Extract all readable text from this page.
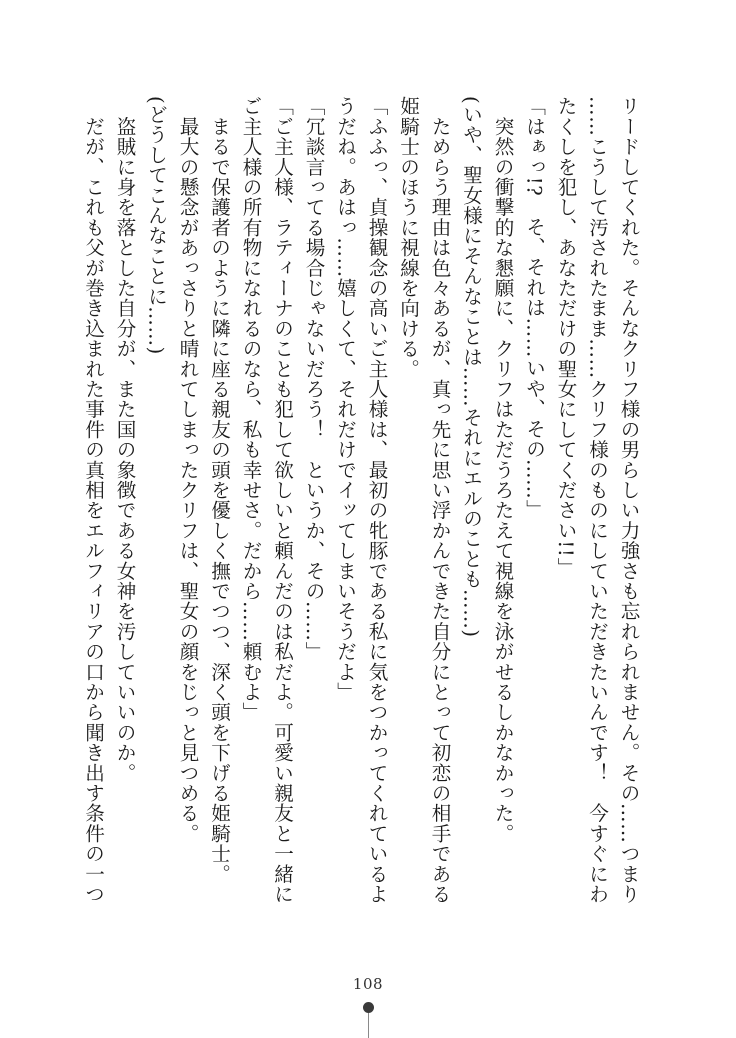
リードしてくれた。そんなクリフ様の男らしい力強さも忘れられません。その……つまり
……こうして汚されたまま……クリフ様のものにしていただきたいんです！　今すぐにわ
たくしを犯し、あなただけの聖女にしてください!!」
「はぁっ!?　そ、それは……いや、その……」
　突然の衝撃的な懇願に、クリフはただうろたえて視線を泳がせるしかなかった。
(いや、聖女様にそんなことは……それにエルのことも……)
　ためらう理由は色々あるが、真っ先に思い浮かんできた自分にとって初恋の相手である
姫騎士のほうに視線を向ける。
「ふふっ、貞操観念の高いご主人様は、最初の牝豚である私に気をつかってくれているよ
うだね。あはっ……嬉しくて、それだけでイッてしまいそうだよ」
「冗談言ってる場合じゃないだろう！　というか、その……」
「ご主人様、ラティーナのことも犯して欲しいと頼んだのは私だよ。可愛い親友と一緒に
ご主人様の所有物になれるのなら、私も幸せさ。だから……頼むよ」
　まるで保護者のように隣に座る親友の頭を優しく撫でつつ、深く頭を下げる姫騎士。
　最大の懸念があっさりと晴れてしまったクリフは、聖女の顔をじっと見つめる。
(どうしてこんなことに……)
　盗賊に身を落とした自分が、また国の象徴である女神を汚していいのか。
　だが、これも父が巻き込まれた事件の真相をエルフィリアの口から聞き出す条件の一つ
108
